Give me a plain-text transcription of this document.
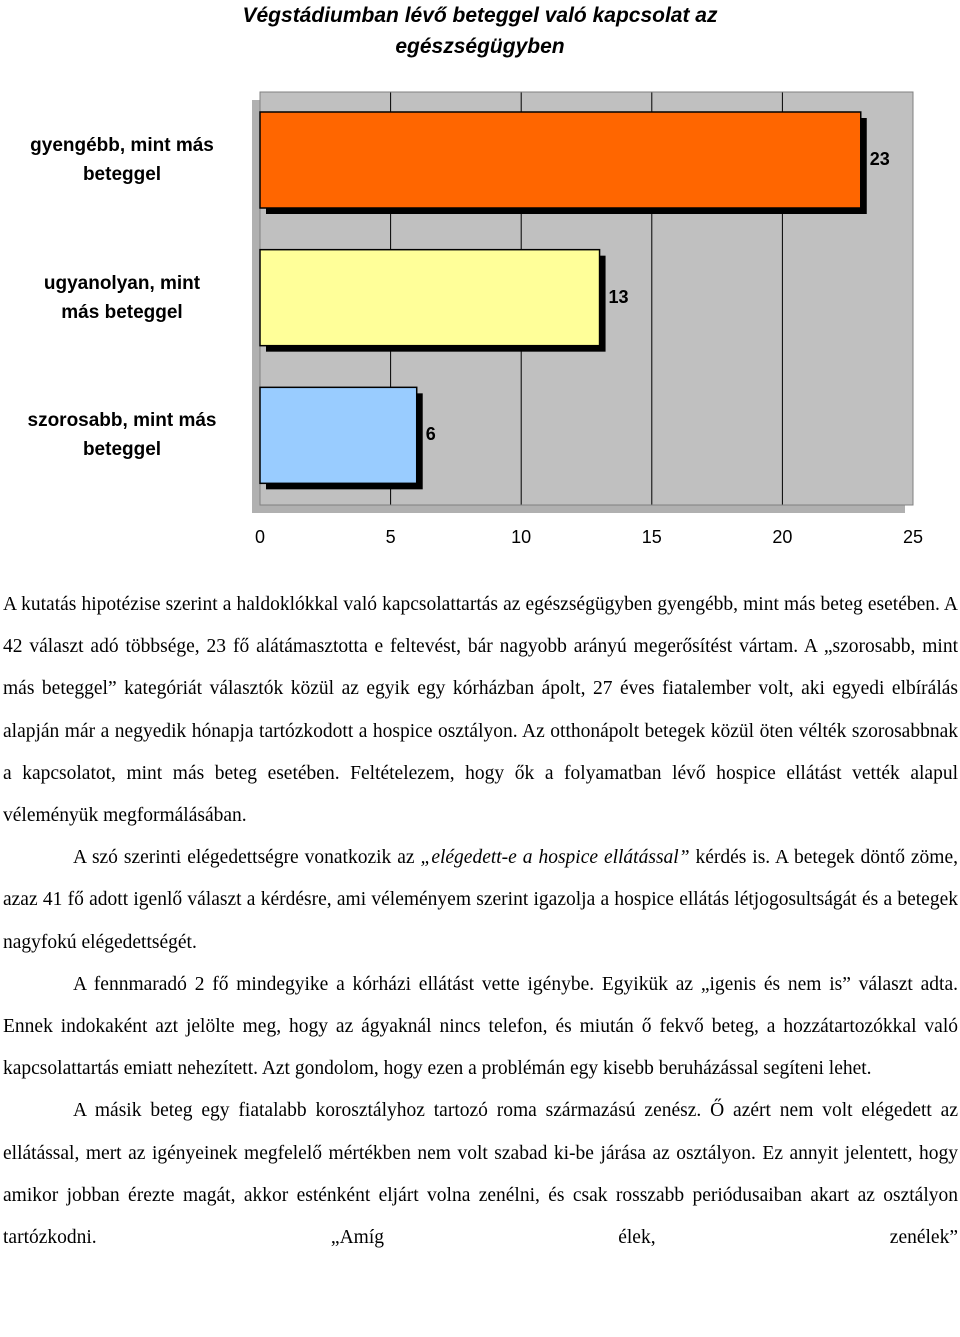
Végstádiumban lévő beteggel való kapcsolat az egészségügyben
gyengébb, mint más
beteggel
ugyanolyan, mint
más beteggel
szorosabb, mint más
beteggel
23
13
6
0	5	10	15	20	25

A kutatás hipotézise szerint a haldoklókkal való kapcsolattartás az egészségügyben gyengébb, mint más beteg esetében. A 42 választ adó többsége, 23 fő alátámasztotta e feltevést, bár nagyobb arányú megerősítést vártam. A „szorosabb, mint más beteggel” kategóriát választók közül az egyik egy kórházban ápolt, 27 éves fiatalember volt, aki egyedi elbírálás alapján már a negyedik hónapja tartózkodott a hospice osztályon. Az otthonápolt betegek közül öten vélték szorosabbnak a kapcsolatot, mint más beteg esetében. Feltételezem, hogy ők a folyamatban lévő hospice ellátást vették alapul véleményük megformálásában.

A szó szerinti elégedettségre vonatkozik az „elégedett-e a hospice ellátással” kérdés is. A betegek döntő zöme, azaz 41 fő adott igenlő választ a kérdésre, ami véleményem szerint igazolja a hospice ellátás létjogosultságát és a betegek nagyfokú elégedettségét.

A fennmaradó 2 fő mindegyike a kórházi ellátást vette igénybe. Egyikük az „igenis és nem is” választ adta. Ennek indokaként azt jelölte meg, hogy az ágyaknál nincs telefon, és miután ő fekvő beteg, a hozzátartozókkal való kapcsolattartás emiatt nehezített. Azt gondolom, hogy ezen a problémán egy kisebb beruházással segíteni lehet.

A másik beteg egy fiatalabb korosztályhoz tartozó roma származású zenész. Ő azért nem volt elégedett az ellátással, mert az igényeinek megfelelő mértékben nem volt szabad ki-be járása az osztályon. Ez annyit jelentett, hogy amikor jobban érezte magát, akkor esténként eljárt volna zenélni, és csak rosszabb periódusaiban akart az osztályon tartózkodni. „Amíg élek, zenélek”
